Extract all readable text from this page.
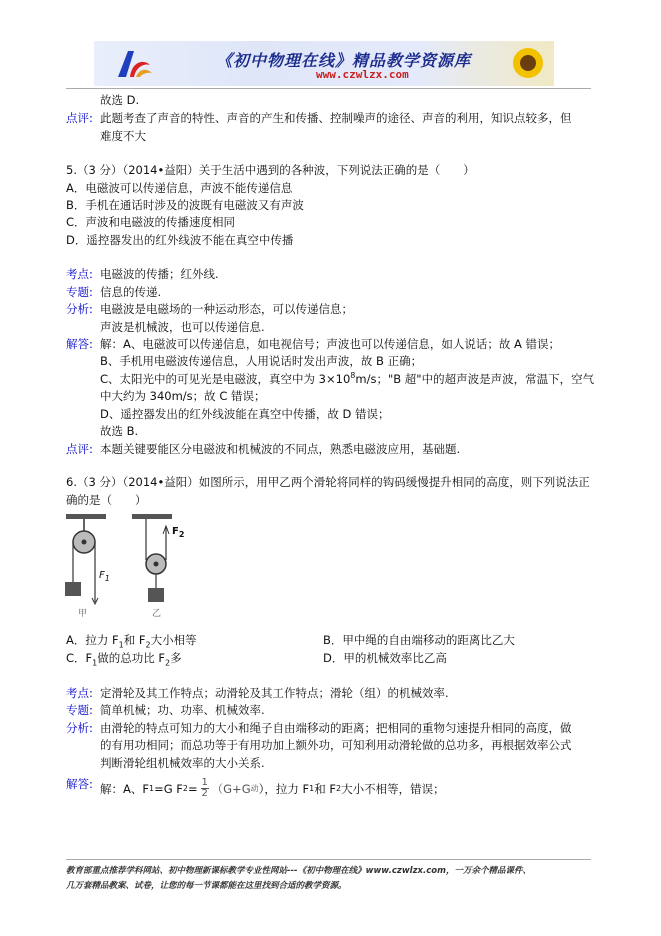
《初中物理在线》精品教学资源库
www.czwlzx.com
故选 D.
点评: 此题考查了声音的特性、声音的产生和传播、控制噪声的途径、声音的利用，知识点较多，但
难度不大
5.（3 分）（2014•益阳）关于生活中遇到的各种波，下列说法正确的是（　　）
A．电磁波可以传递信息，声波不能传递信息
B．手机在通话时涉及的波既有电磁波又有声波
C．声波和电磁波的传播速度相同
D．遥控器发出的红外线波不能在真空中传播
考点: 电磁波的传播；红外线.
专题: 信息的传递.
分析: 电磁波是电磁场的一种运动形态，可以传递信息；
声波是机械波，也可以传递信息.
解答: 解：A、电磁波可以传递信息，如电视信号；声波也可以传递信息，如人说话；故 A 错误；
B、手机用电磁波传递信息，人用说话时发出声波，故 B 正确；
C、太阳光中的可见光是电磁波，真空中为 $3\times 10^8m/s$；"B 超"中的超声波是声波，常温下，空气
中大约为 340m/s；故 C 错误；
D、遥控器发出的红外线波能在真空中传播，故 D 错误；
故选 B.
点评: 本题关键要能区分电磁波和机械波的不同点，熟悉电磁波应用，基础题.
6.（3 分）（2014•益阳）如图所示，用甲乙两个滑轮将同样的钩码缓慢提升相同的高度，则下列说法正
确的是（　　）
$F_1$
$F_2$
甲	乙
A．拉力 $F_1$和 $F_2$大小相等	B．甲中绳的自由端移动的距离比乙大
C．$F_1$做的总功比 $F_2$多	D．甲的机械效率比乙高
考点: 定滑轮及其工作特点；动滑轮及其工作特点；滑轮（组）的机械效率.
专题: 简单机械；功、功率、机械效率.
分析: 由滑轮的特点可知力的大小和绳子自由端移动的距离；把相同的重物匀速提升相同的高度，做
的有用功相同；而总功等于有用功加上额外功，可知利用动滑轮做的总功多，再根据效率公式
判断滑轮组机械效率的大小关系.
解答: 解：A、F 1 =G F 2 = 1
2 （G+G 动 ），拉力 F 1 和 F 2 大小不相等，错误；
教育部重点推荐学科网站、初中物理新课标教学专业性网站---《初中物理在线》www.czwlzx.com，一万余个精品课件、
几万套精品教案、试卷，让您的每一节课都能在这里找到合适的教学资源。
